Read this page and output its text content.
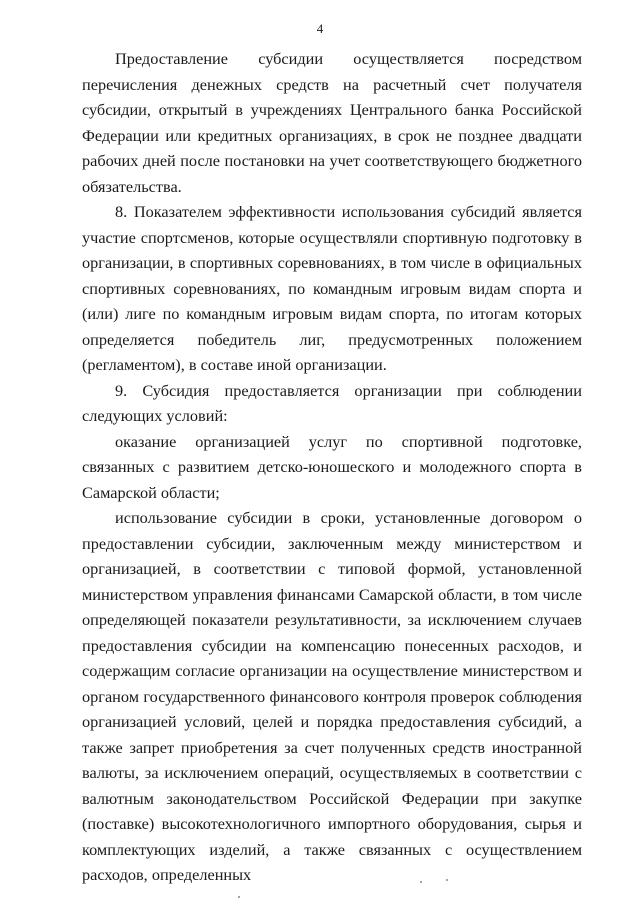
4

Предоставление субсидии осуществляется посредством перечисления денежных средств на расчетный счет получателя субсидии, открытый в учреждениях Центрального банка Российской Федерации или кредитных организациях, в срок не позднее двадцати рабочих дней после постановки на учет соответствующего бюджетного обязательства.

8. Показателем эффективности использования субсидий является участие спортсменов, которые осуществляли спортивную подготовку в организации, в спортивных соревнованиях, в том числе в официальных спортивных соревнованиях, по командным игровым видам спорта и (или) лиге по командным игровым видам спорта, по итогам которых определяется победитель лиг, предусмотренных положением (регламентом), в составе иной организации.

9. Субсидия предоставляется организации при соблюдении следующих условий:

оказание организацией услуг по спортивной подготовке, связанных с развитием детско-юношеского и молодежного спорта в Самарской области;

использование субсидии в сроки, установленные договором о предоставлении субсидии, заключенным между министерством и организацией, в соответствии с типовой формой, установленной министерством управления финансами Самарской области, в том числе определяющей показатели результативности, за исключением случаев предоставления субсидии на компенсацию понесенных расходов, и содержащим согласие организации на осуществление министерством и органом государственного финансового контроля проверок соблюдения организацией условий, целей и порядка предоставления субсидий, а также запрет приобретения за счет полученных средств иностранной валюты, за исключением операций, осуществляемых в соответствии с валютным законодательством Российской Федерации при закупке (поставке) высокотехнологичного импортного оборудования, сырья и комплектующих изделий, а также связанных с осуществлением расходов, определенных
